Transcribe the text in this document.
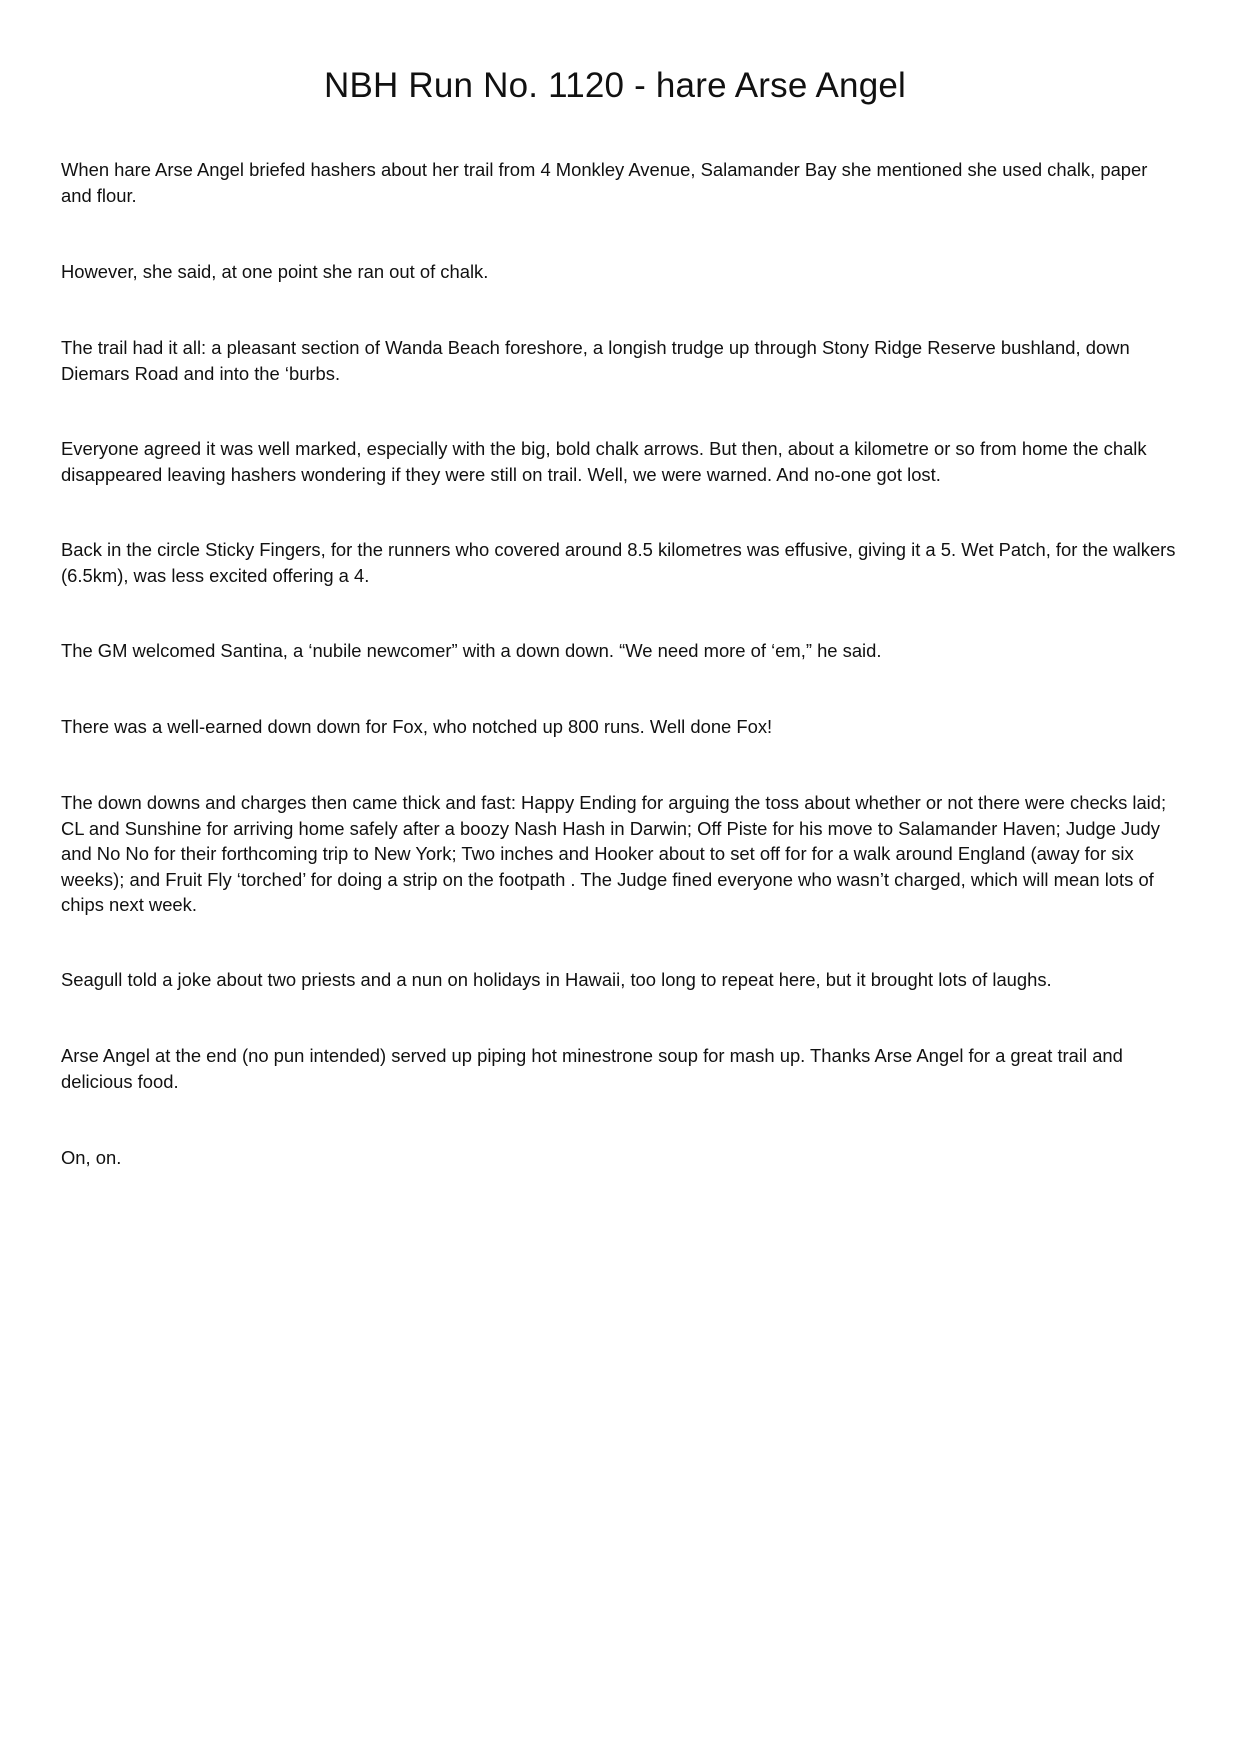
NBH Run No. 1120 - hare Arse Angel

When hare Arse Angel briefed hashers about her trail from 4 Monkley Avenue, Salamander Bay she mentioned she used chalk, paper and flour.

However, she said, at one point she ran out of chalk.

The trail had it all: a pleasant section of Wanda Beach foreshore, a longish trudge up through Stony Ridge Reserve bushland, down Diemars Road and into the ‘burbs.

Everyone agreed it was well marked, especially with the big, bold chalk arrows. But then, about a kilometre or so from home the chalk disappeared leaving hashers wondering if they were still on trail. Well, we were warned. And no-one got lost.

Back in the circle Sticky Fingers, for the runners who covered around 8.5 kilometres was effusive, giving it a 5. Wet Patch, for the walkers (6.5km), was less excited offering a 4.

The GM welcomed Santina, a ‘nubile newcomer” with a down down. “We need more of ‘em,” he said.

There was a well-earned down down for Fox, who notched up 800 runs. Well done Fox!

The down downs and charges then came thick and fast: Happy Ending for arguing the toss about whether or not there were checks laid; CL and Sunshine for arriving home safely after a boozy Nash Hash in Darwin; Off Piste for his move to Salamander Haven; Judge Judy and No No for their forthcoming trip to New York; Two inches and Hooker about to set off for for a walk around England (away for six weeks); and Fruit Fly ‘torched’ for doing a strip on the footpath . The Judge fined everyone who wasn’t charged, which will mean lots of chips next week.

Seagull told a joke about two priests and a nun on holidays in Hawaii, too long to repeat here, but it brought lots of laughs.

Arse Angel at the end (no pun intended) served up piping hot minestrone soup for mash up. Thanks Arse Angel for a great trail and delicious food.

On, on.
